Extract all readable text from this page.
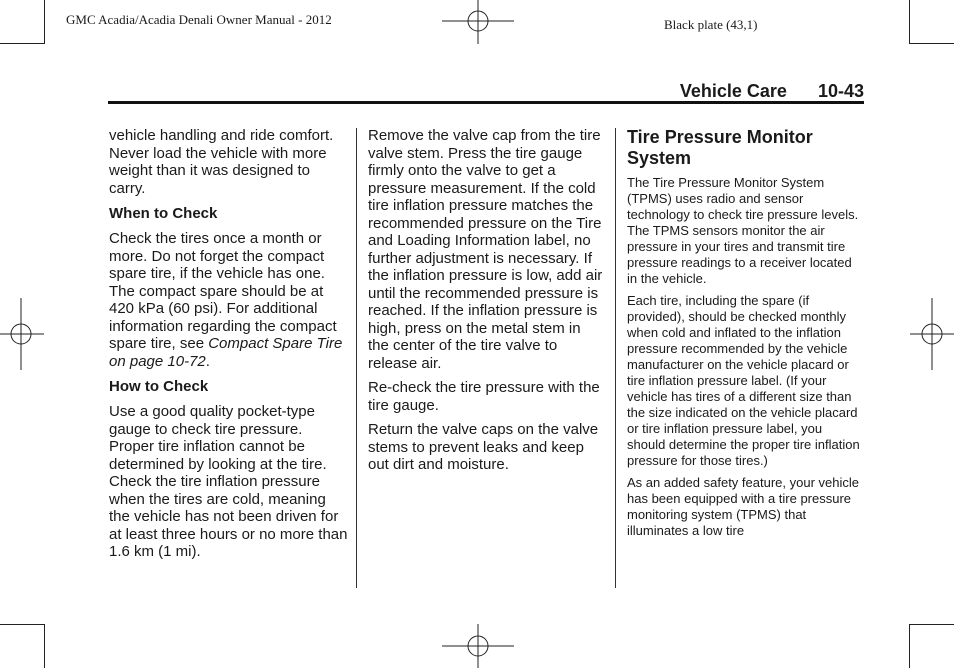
GMC Acadia/Acadia Denali Owner Manual - 2012	Black plate (43,1)
Vehicle Care 10-43

vehicle handling and ride comfort. Never load the vehicle with more weight than it was designed to carry.

When to Check

Check the tires once a month or more. Do not forget the compact spare tire, if the vehicle has one. The compact spare should be at 420 kPa (60 psi). For additional information regarding the compact spare tire, see Compact Spare Tire on page 10-72.

How to Check

Use a good quality pocket-type gauge to check tire pressure. Proper tire inflation cannot be determined by looking at the tire. Check the tire inflation pressure when the tires are cold, meaning the vehicle has not been driven for at least three hours or no more than 1.6 km (1 mi).

Remove the valve cap from the tire valve stem. Press the tire gauge firmly onto the valve to get a pressure measurement. If the cold tire inflation pressure matches the recommended pressure on the Tire and Loading Information label, no further adjustment is necessary. If the inflation pressure is low, add air until the recommended pressure is reached. If the inflation pressure is high, press on the metal stem in the center of the tire valve to release air.

Re-check the tire pressure with the tire gauge.

Return the valve caps on the valve stems to prevent leaks and keep out dirt and moisture.

Tire Pressure Monitor System

The Tire Pressure Monitor System (TPMS) uses radio and sensor technology to check tire pressure levels. The TPMS sensors monitor the air pressure in your tires and transmit tire pressure readings to a receiver located in the vehicle.

Each tire, including the spare (if provided), should be checked monthly when cold and inflated to the inflation pressure recommended by the vehicle manufacturer on the vehicle placard or tire inflation pressure label. (If your vehicle has tires of a different size than the size indicated on the vehicle placard or tire inflation pressure label, you should determine the proper tire inflation pressure for those tires.)

As an added safety feature, your vehicle has been equipped with a tire pressure monitoring system (TPMS) that illuminates a low tire
